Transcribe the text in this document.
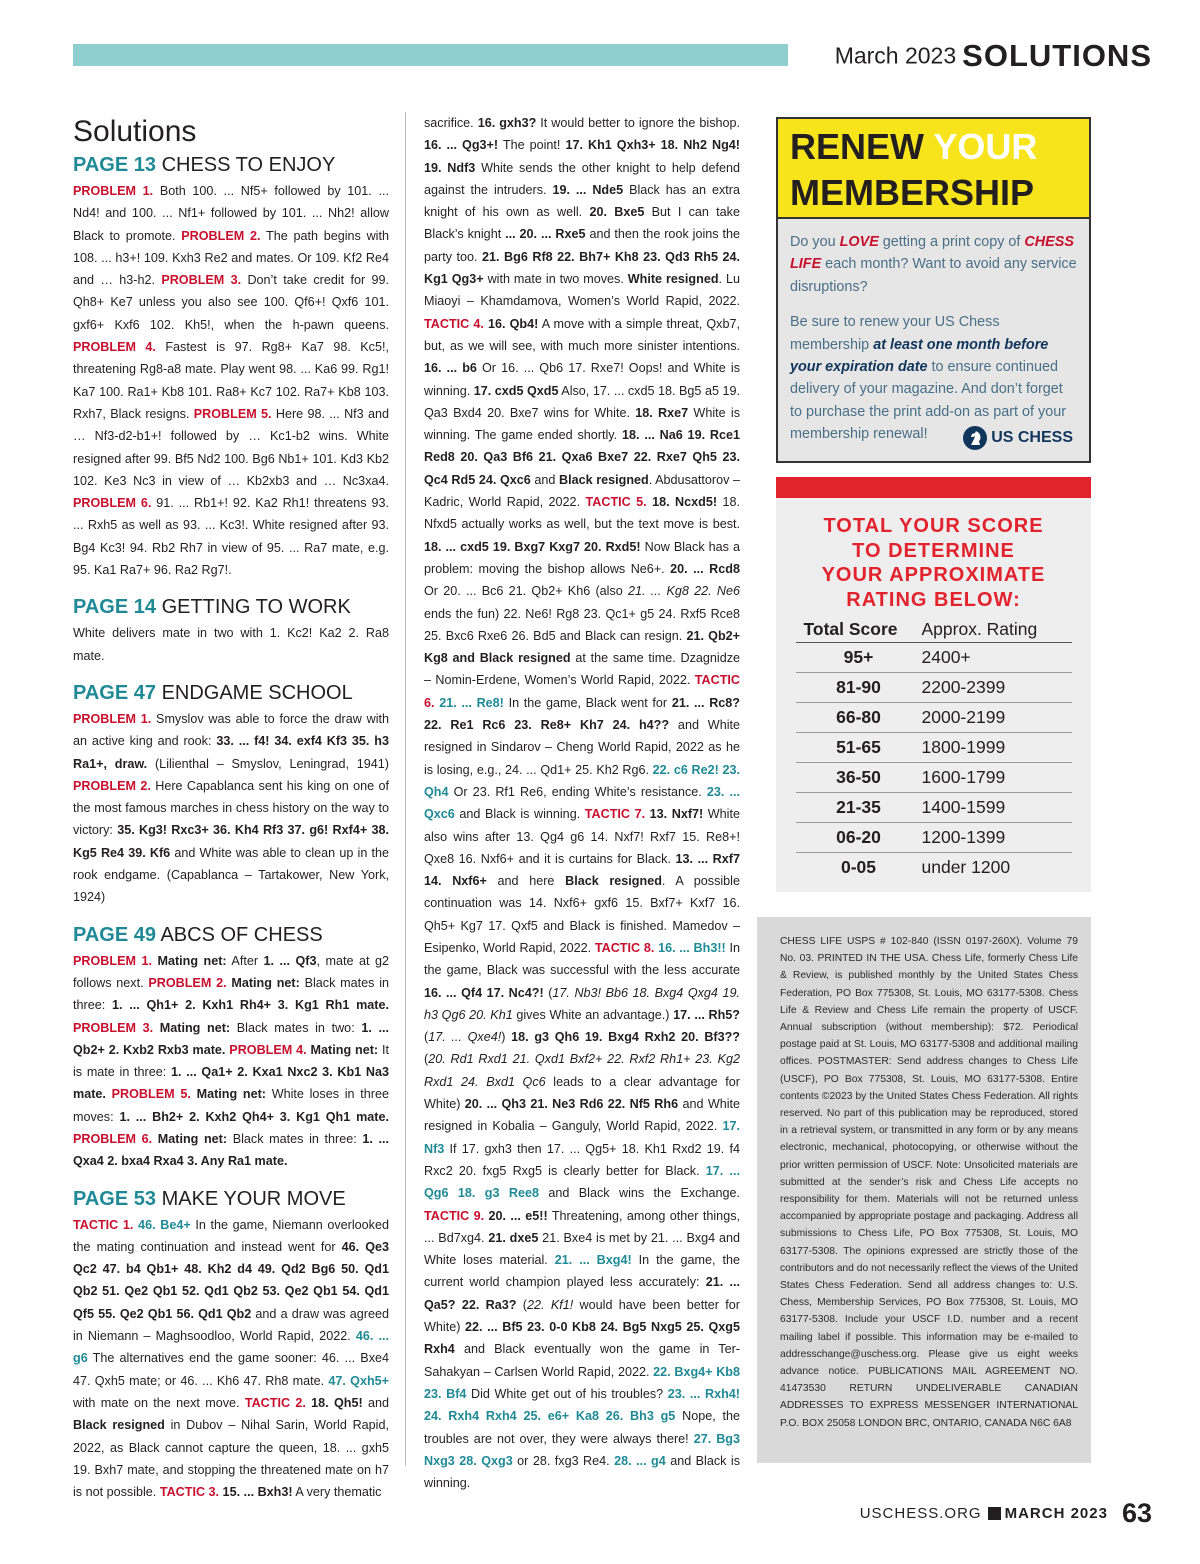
March 2023 SOLUTIONS
Solutions
PAGE 13 CHESS TO ENJOY

PROBLEM 1. Both 100. ... Nf5+ followed by 101. ... Nd4! and 100. ... Nf1+ followed by 101. ... Nh2! allow Black to promote. PROBLEM 2. The path begins with 108. ... h3+! 109. Kxh3 Re2 and mates. Or 109. Kf2 Re4 and … h3-h2. PROBLEM 3. Don’t take credit for 99. Qh8+ Ke7 unless you also see 100. Qf6+! Qxf6 101. gxf6+ Kxf6 102. Kh5!, when the h-pawn queens. PROBLEM 4. Fastest is 97. Rg8+ Ka7 98. Kc5!, threatening Rg8-a8 mate. Play went 98. ... Ka6 99. Rg1! Ka7 100. Ra1+ Kb8 101. Ra8+ Kc7 102. Ra7+ Kb8 103. Rxh7, Black resigns. PROBLEM 5. Here 98. ... Nf3 and … Nf3-d2-b1+! followed by … Kc1-b2 wins. White resigned after 99. Bf5 Nd2 100. Bg6 Nb1+ 101. Kd3 Kb2 102. Ke3 Nc3 in view of … Kb2xb3 and … Nc3xa4. PROBLEM 6. 91. ... Rb1+! 92. Ka2 Rh1! threatens 93. ... Rxh5 as well as 93. ... Kc3!. White resigned after 93. Bg4 Kc3! 94. Rb2 Rh7 in view of 95. ... Ra7 mate, e.g. 95. Ka1 Ra7+ 96. Ra2 Rg7!.

PAGE 14 GETTING TO WORK

White delivers mate in two with 1. Kc2! Ka2 2. Ra8 mate.

PAGE 47 ENDGAME SCHOOL

PROBLEM 1. Smyslov was able to force the draw with an active king and rook: 33. ... f4! 34. exf4 Kf3 35. h3 Ra1+, draw. (Lilienthal – Smyslov, Leningrad, 1941) PROBLEM 2. Here Capablanca sent his king on one of the most famous marches in chess history on the way to victory: 35. Kg3! Rxc3+ 36. Kh4 Rf3 37. g6! Rxf4+ 38. Kg5 Re4 39. Kf6 and White was able to clean up in the rook endgame. (Capablanca – Tartakower, New York, 1924)

PAGE 49 ABCS OF CHESS

PROBLEM 1. Mating net: After 1. ... Qf3, mate at g2 follows next. PROBLEM 2. Mating net: Black mates in three: 1. ... Qh1+ 2. Kxh1 Rh4+ 3. Kg1 Rh1 mate. PROBLEM 3. Mating net: Black mates in two: 1. ... Qb2+ 2. Kxb2 Rxb3 mate. PROBLEM 4. Mating net: It is mate in three: 1. ... Qa1+ 2. Kxa1 Nxc2 3. Kb1 Na3 mate. PROBLEM 5. Mating net: White loses in three moves: 1. ... Bh2+ 2. Kxh2 Qh4+ 3. Kg1 Qh1 mate. PROBLEM 6. Mating net: Black mates in three: 1. ... Qxa4 2. bxa4 Rxa4 3. Any Ra1 mate.

PAGE 53 MAKE YOUR MOVE

TACTIC 1. 46. Be4+ In the game, Niemann overlooked the mating continuation and instead went for 46. Qe3 Qc2 47. b4 Qb1+ 48. Kh2 d4 49. Qd2 Bg6 50. Qd1 Qb2 51. Qe2 Qb1 52. Qd1 Qb2 53. Qe2 Qb1 54. Qd1 Qf5 55. Qe2 Qb1 56. Qd1 Qb2 and a draw was agreed in Niemann – Maghsoodloo, World Rapid, 2022. 46. ... g6 The alternatives end the game sooner: 46. ... Bxe4 47. Qxh5 mate; or 46. ... Kh6 47. Rh8 mate. 47. Qxh5+ with mate on the next move. TACTIC 2. 18. Qh5! and Black resigned in Dubov – Nihal Sarin, World Rapid, 2022, as Black cannot capture the queen, 18. ... gxh5 19. Bxh7 mate, and stopping the threatened mate on h7 is not possible. TACTIC 3. 15. ... Bxh3! A very thematic

sacrifice. 16. gxh3? It would better to ignore the bishop. 16. ... Qg3+! The point! 17. Kh1 Qxh3+ 18. Nh2 Ng4! 19. Ndf3 White sends the other knight to help defend against the intruders. 19. ... Nde5 Black has an extra knight of his own as well. 20. Bxe5 But I can take Black’s knight ... 20. ... Rxe5 and then the rook joins the party too. 21. Bg6 Rf8 22. Bh7+ Kh8 23. Qd3 Rh5 24. Kg1 Qg3+ with mate in two moves. White resigned. Lu Miaoyi – Khamdamova, Women’s World Rapid, 2022. TACTIC 4. 16. Qb4! A move with a simple threat, Qxb7, but, as we will see, with much more sinister intentions. 16. ... b6 Or 16. ... Qb6 17. Rxe7! Oops! and White is winning. 17. cxd5 Qxd5 Also, 17. ... cxd5 18. Bg5 a5 19. Qa3 Bxd4 20. Bxe7 wins for White. 18. Rxe7 White is winning. The game ended shortly. 18. ... Na6 19. Rce1 Red8 20. Qa3 Bf6 21. Qxa6 Bxe7 22. Rxe7 Qh5 23. Qc4 Rd5 24. Qxc6 and Black resigned. Abdusattorov – Kadric, World Rapid, 2022. TACTIC 5. 18. Ncxd5! 18. Nfxd5 actually works as well, but the text move is best. 18. ... cxd5 19. Bxg7 Kxg7 20. Rxd5! Now Black has a problem: moving the bishop allows Ne6+. 20. ... Rcd8 Or 20. ... Bc6 21. Qb2+ Kh6 (also 21. ... Kg8 22. Ne6 ends the fun) 22. Ne6! Rg8 23. Qc1+ g5 24. Rxf5 Rce8 25. Bxc6 Rxe6 26. Bd5 and Black can resign. 21. Qb2+ Kg8 and Black resigned at the same time. Dzagnidze – Nomin-Erdene, Women’s World Rapid, 2022. TACTIC 6. 21. ... Re8! In the game, Black went for 21. ... Rc8? 22. Re1 Rc6 23. Re8+ Kh7 24. h4?? and White resigned in Sindarov – Cheng World Rapid, 2022 as he is losing, e.g., 24. ... Qd1+ 25. Kh2 Rg6. 22. c6 Re2! 23. Qh4 Or 23. Rf1 Re6, ending White’s resistance. 23. ... Qxc6 and Black is winning. TACTIC 7. 13. Nxf7! White also wins after 13. Qg4 g6 14. Nxf7! Rxf7 15. Re8+! Qxe8 16. Nxf6+ and it is curtains for Black. 13. ... Rxf7 14. Nxf6+ and here Black resigned. A possible continuation was 14. Nxf6+ gxf6 15. Bxf7+ Kxf7 16. Qh5+ Kg7 17. Qxf5 and Black is finished. Mamedov – Esipenko, World Rapid, 2022. TACTIC 8. 16. ... Bh3!! In the game, Black was successful with the less accurate 16. ... Qf4 17. Nc4?! (17. Nb3! Bb6 18. Bxg4 Qxg4 19. h3 Qg6 20. Kh1 gives White an advantage.) 17. ... Rh5? (17. ... Qxe4!) 18. g3 Qh6 19. Bxg4 Rxh2 20. Bf3?? (20. Rd1 Rxd1 21. Qxd1 Bxf2+ 22. Rxf2 Rh1+ 23. Kg2 Rxd1 24. Bxd1 Qc6 leads to a clear advantage for White) 20. ... Qh3 21. Ne3 Rd6 22. Nf5 Rh6 and White resigned in Kobalia – Ganguly, World Rapid, 2022. 17. Nf3 If 17. gxh3 then 17. ... Qg5+ 18. Kh1 Rxd2 19. f4 Rxc2 20. fxg5 Rxg5 is clearly better for Black. 17. ... Qg6 18. g3 Ree8 and Black wins the Exchange. TACTIC 9. 20. ... e5!! Threatening, among other things, ... Bd7xg4. 21. dxe5 21. Bxe4 is met by 21. ... Bxg4 and White loses material. 21. ... Bxg4! In the game, the current world champion played less accurately: 21. ... Qa5? 22. Ra3? (22. Kf1! would have been better for White) 22. ... Bf5 23. 0-0 Kb8 24. Bg5 Nxg5 25. Qxg5 Rxh4 and Black eventually won the game in Ter-Sahakyan – Carlsen World Rapid, 2022. 22. Bxg4+ Kb8 23. Bf4 Did White get out of his troubles? 23. ... Rxh4! 24. Rxh4 Rxh4 25. e6+ Ka8 26. Bh3 g5 Nope, the troubles are not over, they were always there! 27. Bg3 Nxg3 28. Qxg3 or 28. fxg3 Re4. 28. ... g4 and Black is winning.

RENEW YOUR
MEMBERSHIP

Do you LOVE getting a print copy of CHESS LIFE each month? Want to avoid any service disruptions?

Be sure to renew your US Chess membership at least one month before your expiration date to ensure continued delivery of your magazine. And don’t forget to purchase the print add-on as part of your membership renewal!	US CHESS
TOTAL YOUR SCORE
TO DETERMINE
YOUR APPROXIMATE
RATING BELOW:
Total Score	Approx. Rating
95+	2400+
81-90	2200-2399
66-80	2000-2199
51-65	1800-1999
36-50	1600-1799
21-35	1400-1599
06-20	1200-1399
0-05	under 1200
CHESS LIFE USPS # 102-840 (ISSN 0197-260X). Volume 79 No. 03. PRINTED IN THE USA. Chess Life, formerly Chess Life & Review, is published monthly by the United States Chess Federation, PO Box 775308, St. Louis, MO 63177-5308. Chess Life & Review and Chess Life remain the property of USCF. Annual subscription (without membership): $72. Periodical postage paid at St. Louis, MO 63177-5308 and additional mailing offices. POSTMASTER: Send address changes to Chess Life (USCF), PO Box 775308, St. Louis, MO 63177-5308. Entire contents ©2023 by the United States Chess Federation. All rights reserved. No part of this publication may be reproduced, stored in a retrieval system, or transmitted in any form or by any means electronic, mechanical, photocopying, or otherwise without the prior written permission of USCF. Note: Unsolicited materials are submitted at the sender’s risk and Chess Life accepts no responsibility for them. Materials will not be returned unless accompanied by appropriate postage and packaging. Address all submissions to Chess Life, PO Box 775308, St. Louis, MO 63177-5308. The opinions expressed are strictly those of the contributors and do not necessarily reflect the views of the United States Chess Federation. Send all address changes to: U.S. Chess, Membership Services, PO Box 775308, St. Louis, MO 63177-5308. Include your USCF I.D. number and a recent mailing label if possible. This information may be e-mailed to addresschange@uschess.org. Please give us eight weeks advance notice. PUBLICATIONS MAIL AGREEMENT NO. 41473530 RETURN UNDELIVERABLE CANADIAN ADDRESSES TO EXPRESS MESSENGER INTERNATIONAL P.O. BOX 25058 LONDON BRC, ONTARIO, CANADA N6C 6A8
USCHESS.ORG MARCH 2023 63
